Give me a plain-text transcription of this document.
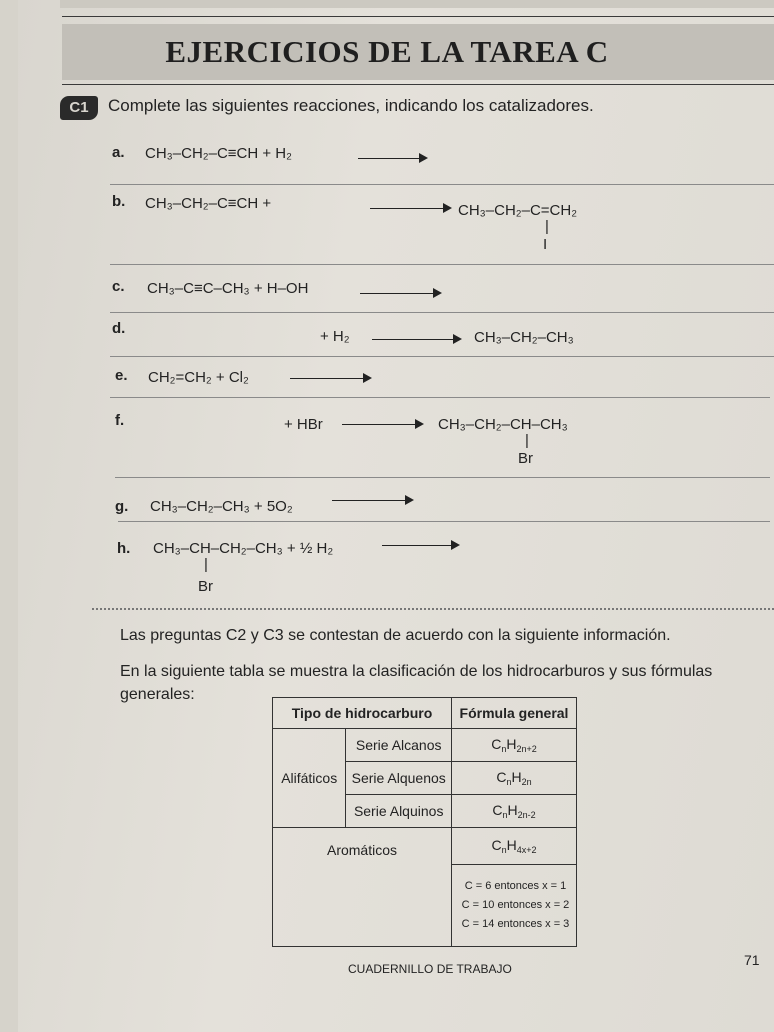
EJERCICIOS DE LA TAREA C
C1	Complete las siguientes reacciones, indicando los catalizadores.
a. CH₃–CH₂–C≡CH + H₂
b. CH₃–CH₂–C≡CH +	CH₃–CH₂–C=CH₂
|
I
c. CH₃–C≡C–CH₃ + H–OH
d.	+ H₂	CH₃–CH₂–CH₃
e. CH₂=CH₂ + Cl₂
f.	+ HBr	CH₃–CH₂–CH–CH₃
|
Br
g. CH₃–CH₂–CH₃ + 5O₂
h. CH₃–CH–CH₂–CH₃ + ½ H₂
|
Br
Las preguntas C2 y C3 se contestan de acuerdo con la siguiente información.
En la siguiente tabla se muestra la clasificación de los hidrocarburos y sus fórmulas
generales:
Tipo de hidrocarburo		Fórmula general
Alifáticos	Serie Alcanos	$C_nH_{2n+2}$
	Serie Alquenos	$C_nH_{2n}$
	Serie Alquinos	$C_nH_{2n-2}$
Aromáticos		$C_nH_{4x+2}$

		C = 6 entonces x = 1
C = 10 entonces x = 2
C = 14 entonces x = 3
CUADERNILLO DE TRABAJO
71
